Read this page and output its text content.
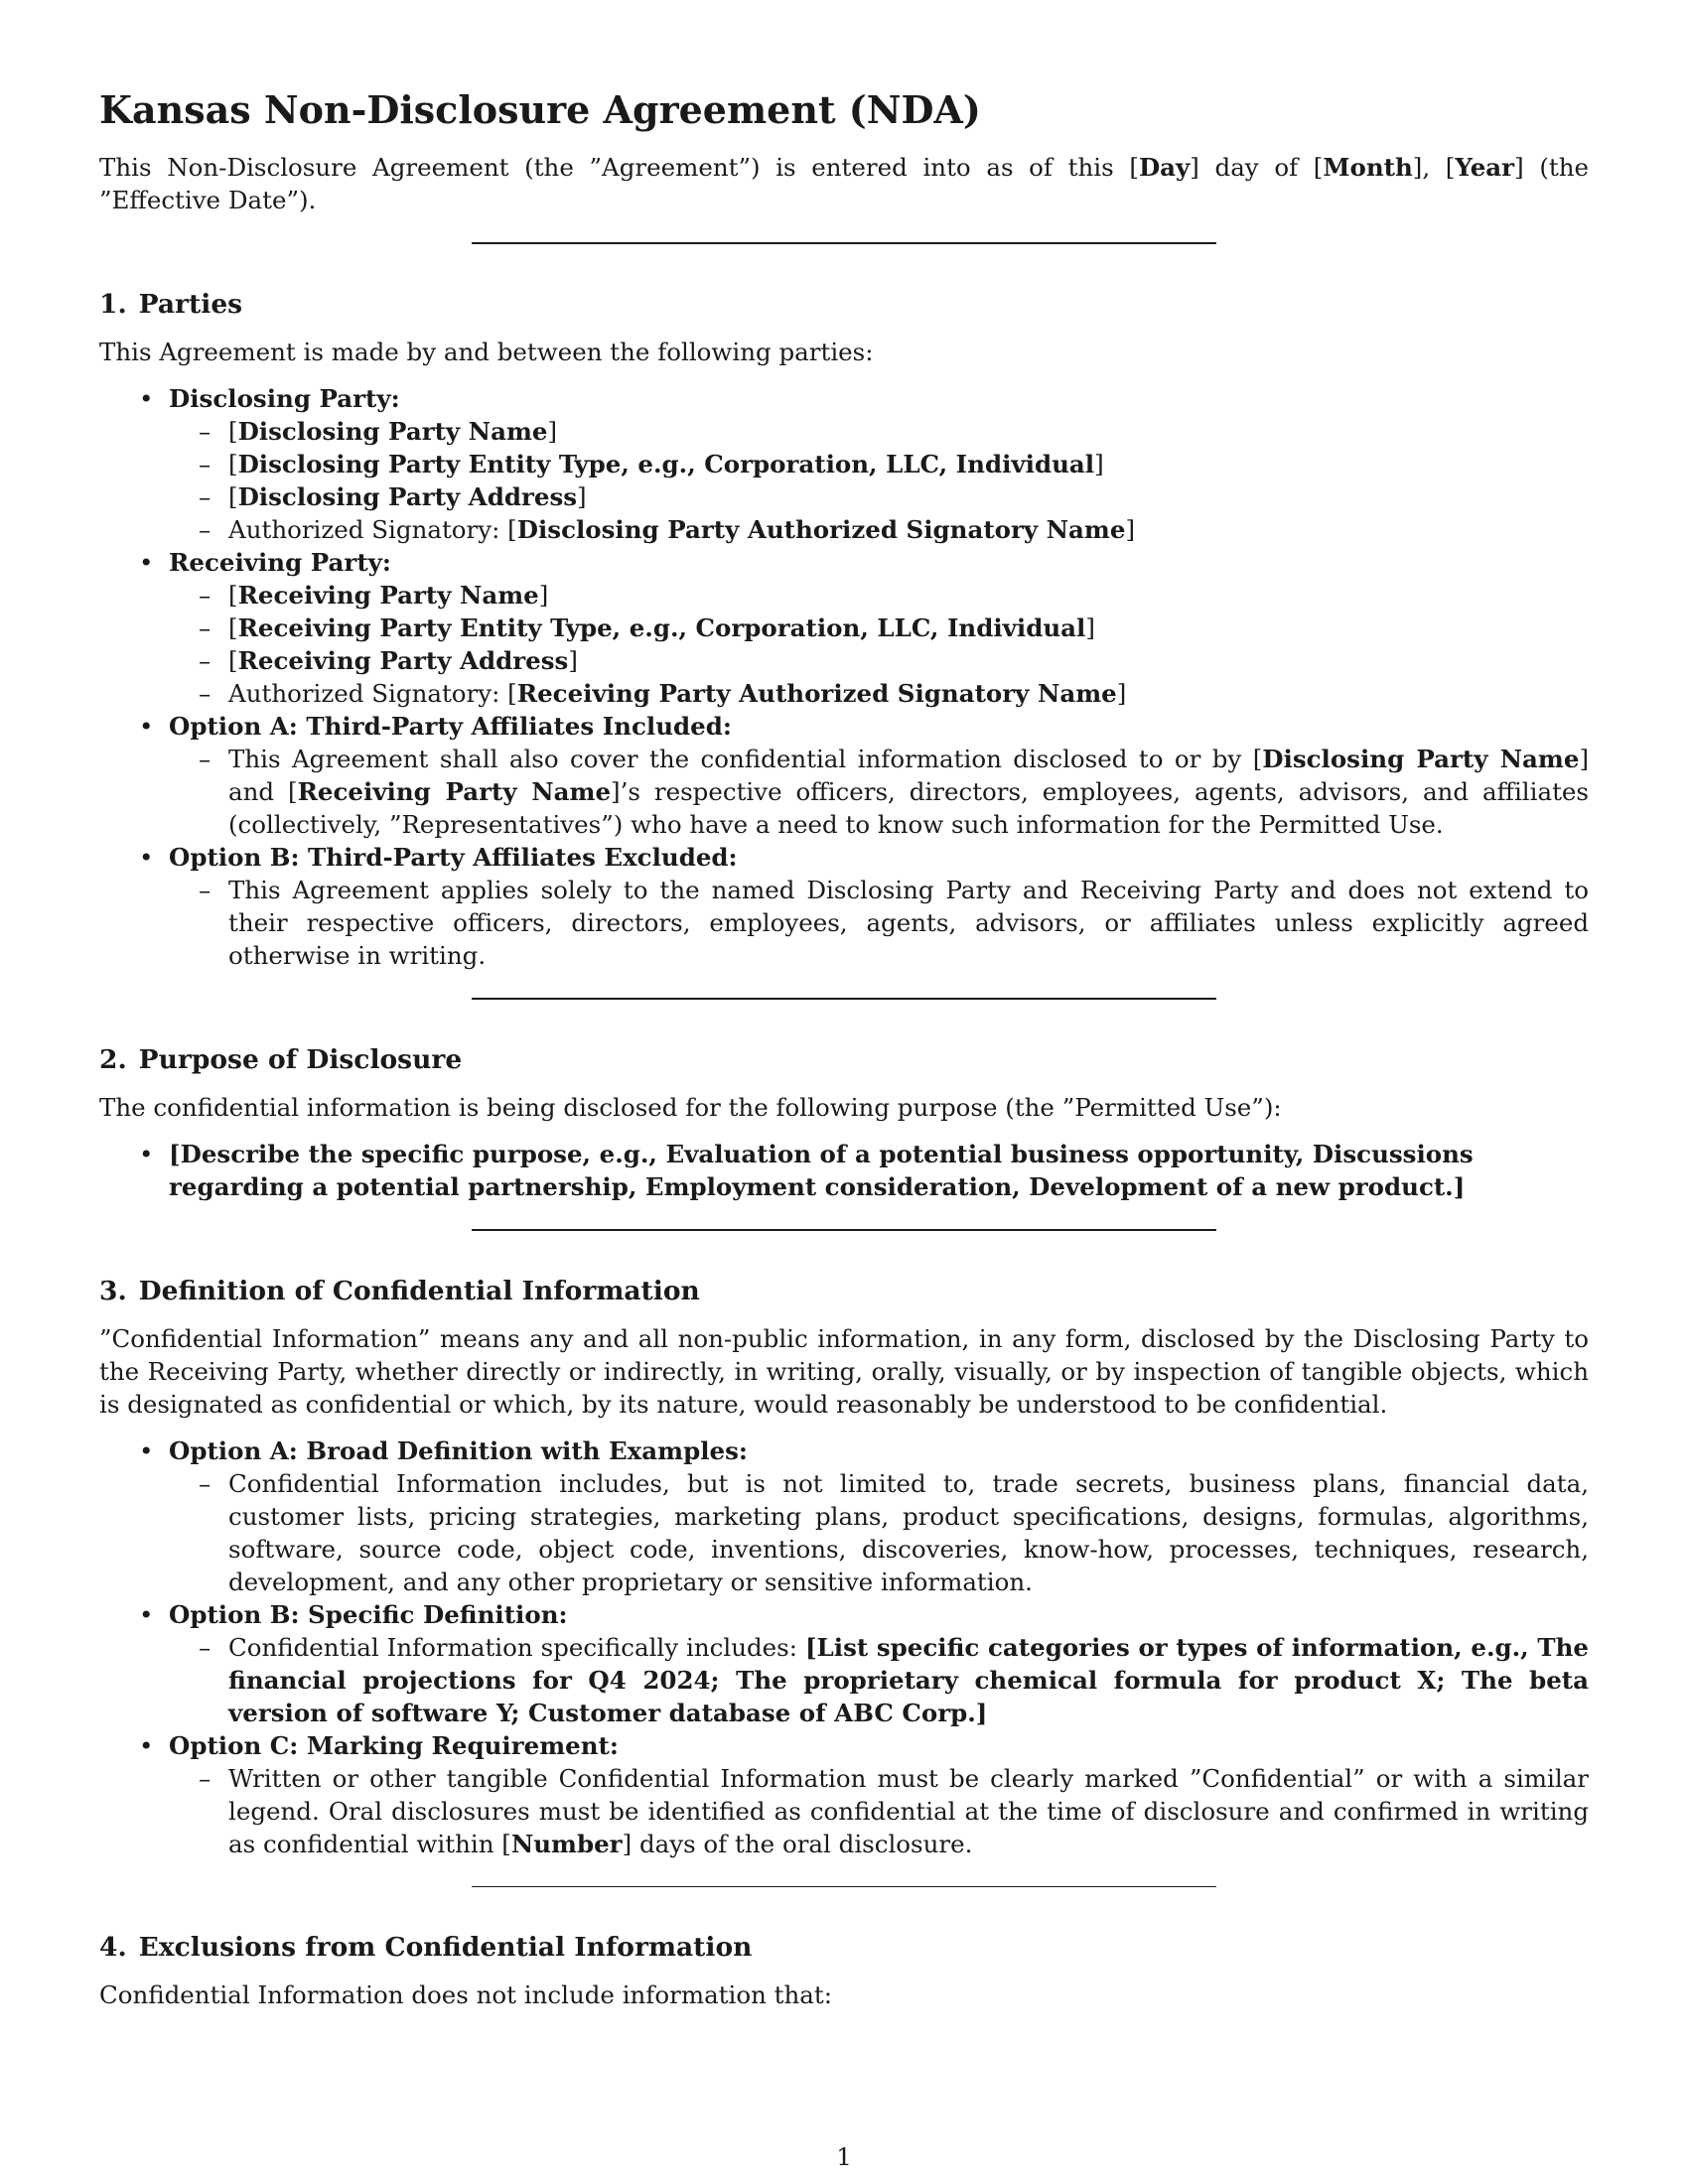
Kansas Non-Disclosure Agreement (NDA)

This Non-Disclosure Agreement (the ”Agreement”) is entered into as of this [Day] day of [Month], [Year] (the ”Effective Date”).

1. Parties

This Agreement is made by and between the following parties:

• Disclosing Party:
– [Disclosing Party Name]
– [Disclosing Party Entity Type, e.g., Corporation, LLC, Individual]
– [Disclosing Party Address]
– Authorized Signatory: [Disclosing Party Authorized Signatory Name]
• Receiving Party:
– [Receiving Party Name]
– [Receiving Party Entity Type, e.g., Corporation, LLC, Individual]
– [Receiving Party Address]
– Authorized Signatory: [Receiving Party Authorized Signatory Name]
• Option A: Third-Party Affiliates Included:
– This Agreement shall also cover the confidential information disclosed to or by [Disclosing Party Name] and [Receiving Party Name]’s respective officers, directors, employees, agents, advisors, and affiliates (collectively, ”Representatives”) who have a need to know such information for the Permitted Use.
• Option B: Third-Party Affiliates Excluded:
– This Agreement applies solely to the named Disclosing Party and Receiving Party and does not extend to their respective officers, directors, employees, agents, advisors, or affiliates unless explicitly agreed otherwise in writing.
2. Purpose of Disclosure

The confidential information is being disclosed for the following purpose (the ”Permitted Use”):

• [Describe the specific purpose, e.g., Evaluation of a potential business opportunity, Discussions regarding a potential partnership, Employment consideration, Development of a new product.]
3. Definition of Confidential Information

”Confidential Information” means any and all non-public information, in any form, disclosed by the Disclosing Party to the Receiving Party, whether directly or indirectly, in writing, orally, visually, or by inspection of tangible objects, which is designated as confidential or which, by its nature, would reasonably be understood to be confidential.

• Option A: Broad Definition with Examples:
– Confidential Information includes, but is not limited to, trade secrets, business plans, financial data, customer lists, pricing strategies, marketing plans, product specifications, designs, formulas, algorithms, software, source code, object code, inventions, discoveries, know-how, processes, techniques, research, development, and any other proprietary or sensitive information.
• Option B: Specific Definition:
– Confidential Information specifically includes: [List specific categories or types of information, e.g., The financial projections for Q4 2024; The proprietary chemical formula for product X; The beta version of software Y; Customer database of ABC Corp.]
• Option C: Marking Requirement:
– Written or other tangible Confidential Information must be clearly marked ”Confidential” or with a similar legend. Oral disclosures must be identified as confidential at the time of disclosure and confirmed in writing as confidential within [Number] days of the oral disclosure.
4. Exclusions from Confidential Information

Confidential Information does not include information that:

1
